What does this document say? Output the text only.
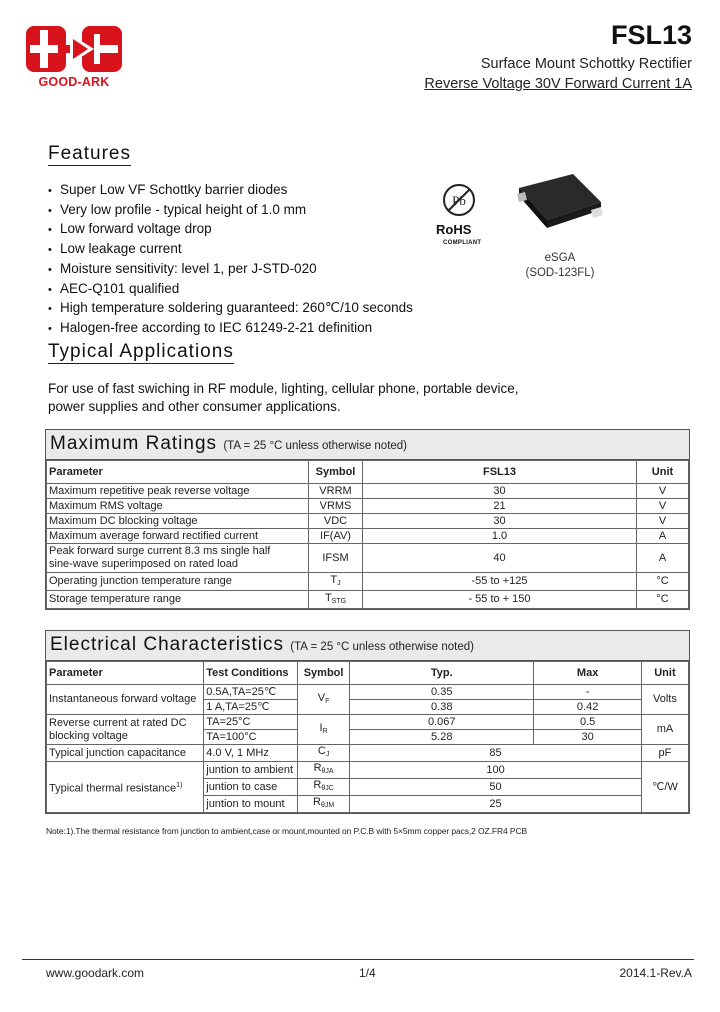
GOOD-ARK
FSL13
Surface Mount Schottky Rectifier
Reverse Voltage 30V Forward Current 1A
Features
• Super Low VF Schottky barrier diodes
• Very low profile - typical height of 1.0 mm
• Low forward voltage drop
• Low leakage current
• Moisture sensitivity: level 1, per J-STD-020
• AEC-Q101 qualified
• High temperature soldering guaranteed: 260℃/10 seconds
• Halogen-free according to IEC 61249-2-21 definition
Pb
RoHS
COMPLIANT
eSGA
(SOD-123FL)
Typical Applications
For use of fast swiching in RF module, lighting, cellular phone, portable device,
power supplies and other consumer applications.
Maximum Ratings (TA = 25 °C unless otherwise noted)
Parameter	Symbol	FSL13	Unit
Maximum repetitive peak reverse voltage	VRRM	30	V
Maximum RMS voltage	VRMS	21	V
Maximum DC blocking voltage	VDC	30	V
Maximum average forward rectified current	IF(AV)	1.0	A
Peak forward surge current 8.3 ms single half
sine-wave superimposed on rated load	IFSM	40	A
Operating junction temperature range	$T_J$	-55 to +125	°C
Storage temperature range	$T_{STG}$	- 55 to + 150	°C
Electrical Characteristics (TA = 25 °C unless otherwise noted)
Parameter	Test Conditions	Symbol	Typ.	Max	Unit
Instantaneous forward voltage	0.5A,TA=25℃	$V_F$	0.35	-	Volts
	1 A,TA=25℃		0.38	0.42	
Reverse current at rated DC
blocking voltage	TA=25°C	$I_R$	0.067	0.5	mA
	TA=100°C		5.28	30	
Typical junction capacitance	4.0 V, 1 MHz	$C_J$	85		pF
Typical thermal resistance$^{1)}$	juntion to ambient	$R_{\theta JA}$	100		℃/W
	juntion to case	$R_{\theta JC}$	50		
	juntion to mount	$R_{\theta JM}$	25		
Note:1).The thermal resistance from junction to ambient,case or mount,mounted on P.C.B with 5×5mm copper pacs,2 OZ.FR4 PCB
www.goodark.com	1/4	2014.1-Rev.A
